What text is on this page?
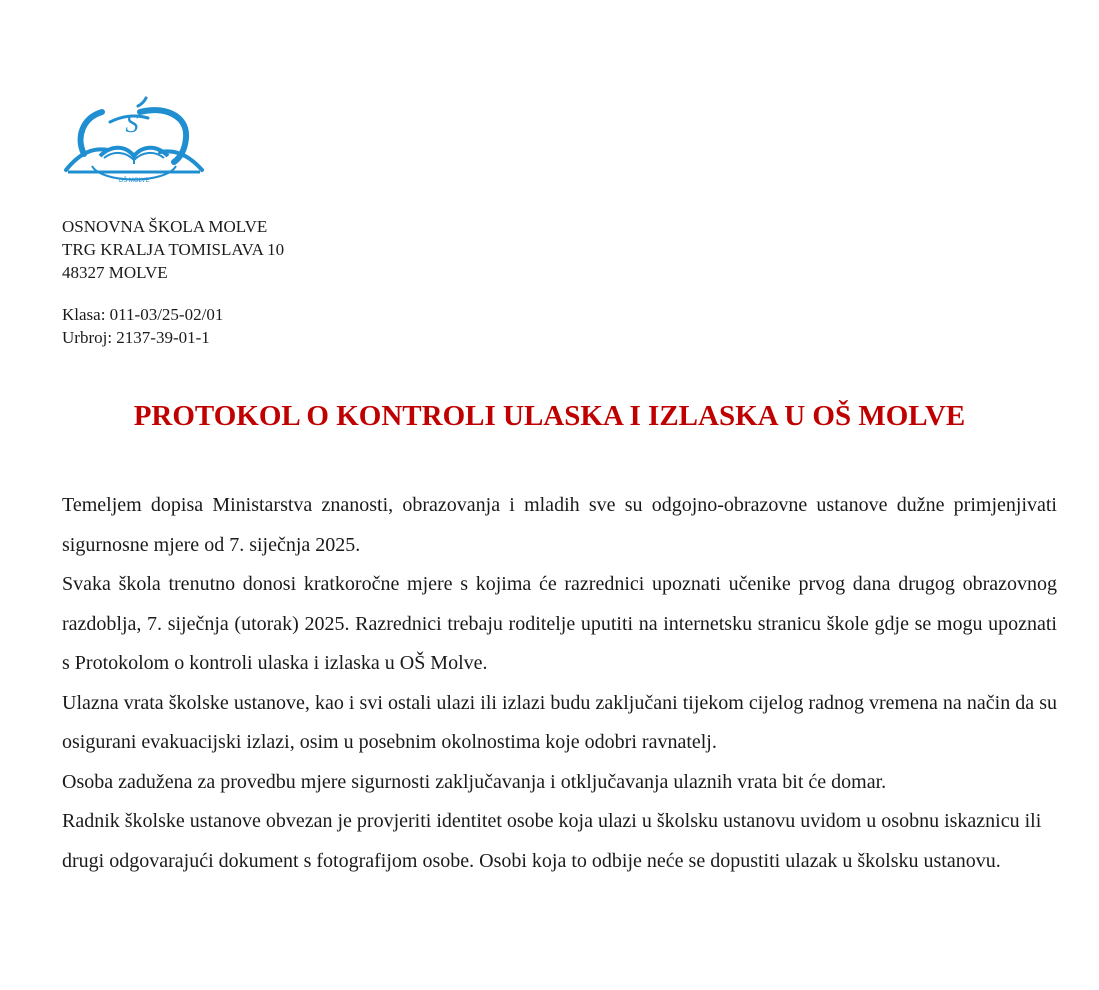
S
OŠ MOLVE
OSNOVNA ŠKOLA MOLVE
TRG KRALJA TOMISLAVA 10
48327 MOLVE
Klasa: 011-03/25-02/01
Urbroj: 2137-39-01-1
PROTOKOL O KONTROLI ULASKA I IZLASKA U OŠ MOLVE

Temeljem dopisa Ministarstva znanosti, obrazovanja i mladih sve su odgojno-obrazovne ustanove dužne primjenjivati sigurnosne mjere od 7. siječnja 2025.

Svaka škola trenutno donosi kratkoročne mjere s kojima će razrednici upoznati učenike prvog dana drugog obrazovnog razdoblja, 7. siječnja (utorak) 2025. Razrednici trebaju roditelje uputiti na internetsku stranicu škole gdje se mogu upoznati s Protokolom o kontroli ulaska i izlaska u OŠ Molve.

Ulazna vrata školske ustanove, kao i svi ostali ulazi ili izlazi budu zaključani tijekom cijelog radnog vremena na način da su osigurani evakuacijski izlazi, osim u posebnim okolnostima koje odobri ravnatelj.

Osoba zadužena za provedbu mjere sigurnosti zaključavanja i otključavanja ulaznih vrata bit će domar.

Radnik školske ustanove obvezan je provjeriti identitet osobe koja ulazi u školsku ustanovu uvidom u osobnu iskaznicu ili drugi odgovarajući dokument s fotografijom osobe. Osobi koja to odbije neće se dopustiti ulazak u školsku ustanovu.
